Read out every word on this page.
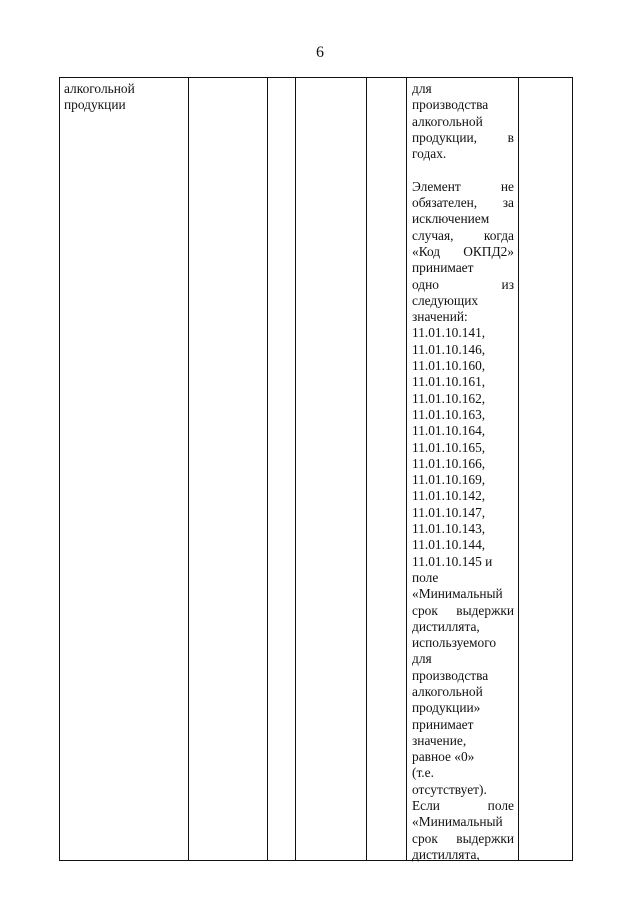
6
алкогольной
продукции
для
производства
алкогольной
продукции, в
годах.
Элемент не
обязателен, за
исключением
случая, когда
«Код ОКПД2»
принимает
одно из
следующих
значений:
11.01.10.141,
11.01.10.146,
11.01.10.160,
11.01.10.161,
11.01.10.162,
11.01.10.163,
11.01.10.164,
11.01.10.165,
11.01.10.166,
11.01.10.169,
11.01.10.142,
11.01.10.147,
11.01.10.143,
11.01.10.144,
11.01.10.145 и
поле
«Минимальный
срок выдержки
дистиллята,
используемого
для
производства
алкогольной
продукции»
принимает
значение,
равное «0»
(т.е.
отсутствует).
Если поле
«Минимальный
срок выдержки
дистиллята,
